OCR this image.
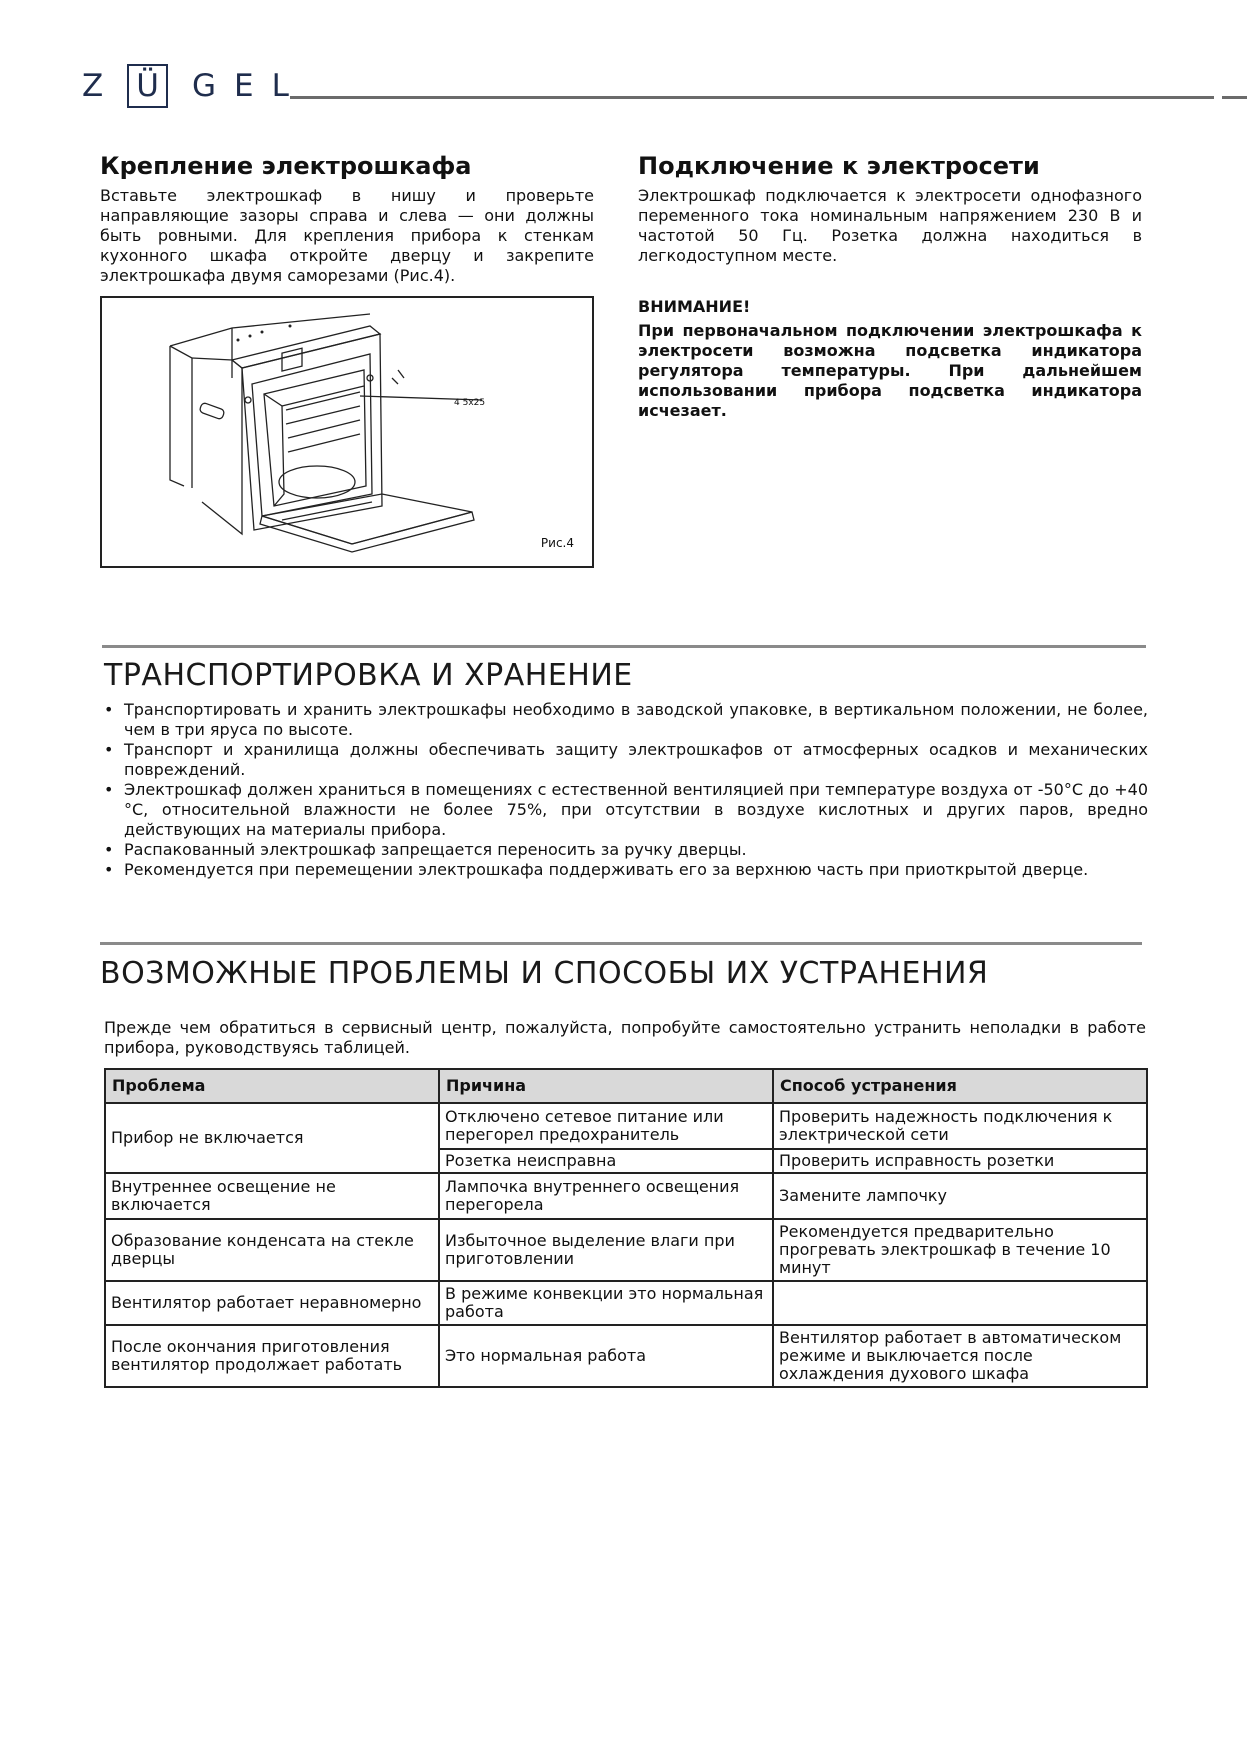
Z Ü G E L
Крепление электрошкафа
Вставьте электрошкаф в нишу и проверьте направляющие зазоры справа и слева — они должны быть ровными. Для крепления прибора к стенкам кухонного шкафа откройте дверцу и закрепите электрошкафа двумя саморезами (Рис.4).
4 5x25
Рис.4
Подключение к электросети
Электрошкаф подключается к электросети однофазного переменного тока номинальным напряжением 230 В и частотой 50 Гц. Розетка должна находиться в легкодоступном месте.
ВНИМАНИЕ!
При первоначальном подключении электрошкафа к электросети возможна подсветка индикатора регулятора температуры. При дальнейшем использовании прибора подсветка индикатора исчезает.
ТРАНСПОРТИРОВКА И ХРАНЕНИЕ
• Транспортировать и хранить электрошкафы необходимо в заводской упаковке, в вертикальном положении, не более, чем в три яруса по высоте.
• Транспорт и хранилища должны обеспечивать защиту электрошкафов от атмосферных осадков и механических повреждений.
• Электрошкаф должен храниться в помещениях с естественной вентиляцией при температуре воздуха от -50°С до +40 °С, относительной влажности не более 75%, при отсутствии в воздухе кислотных и других паров, вредно действующих на материалы прибора.
• Распакованный электрошкаф запрещается переносить за ручку дверцы.
• Рекомендуется при перемещении электрошкафа поддерживать его за верхнюю часть при приоткрытой дверце.
ВОЗМОЖНЫЕ ПРОБЛЕМЫ И СПОСОБЫ ИХ УСТРАНЕНИЯ
Прежде чем обратиться в сервисный центр, пожалуйста, попробуйте самостоятельно устранить неполадки в работе прибора, руководствуясь таблицей.
Проблема	Причина	Способ устранения
Прибор не включается	Отключено сетевое питание или перегорел предохранитель	Проверить надежность подключения к электрической сети
	Розетка неисправна	Проверить исправность розетки
Внутреннее освещение не включается	Лампочка внутреннего освещения перегорела	Замените лампочку
Образование конденсата на стекле дверцы	Избыточное выделение влаги при приготовлении	Рекомендуется предварительно прогревать электрошкаф в течение 10 минут
Вентилятор работает неравномерно	В режиме конвекции это нормальная работа	
После окончания приготовления вентилятор продолжает работать	Это нормальная работа	Вентилятор работает в автоматическом режиме и выключается после охлаждения духового шкафа
